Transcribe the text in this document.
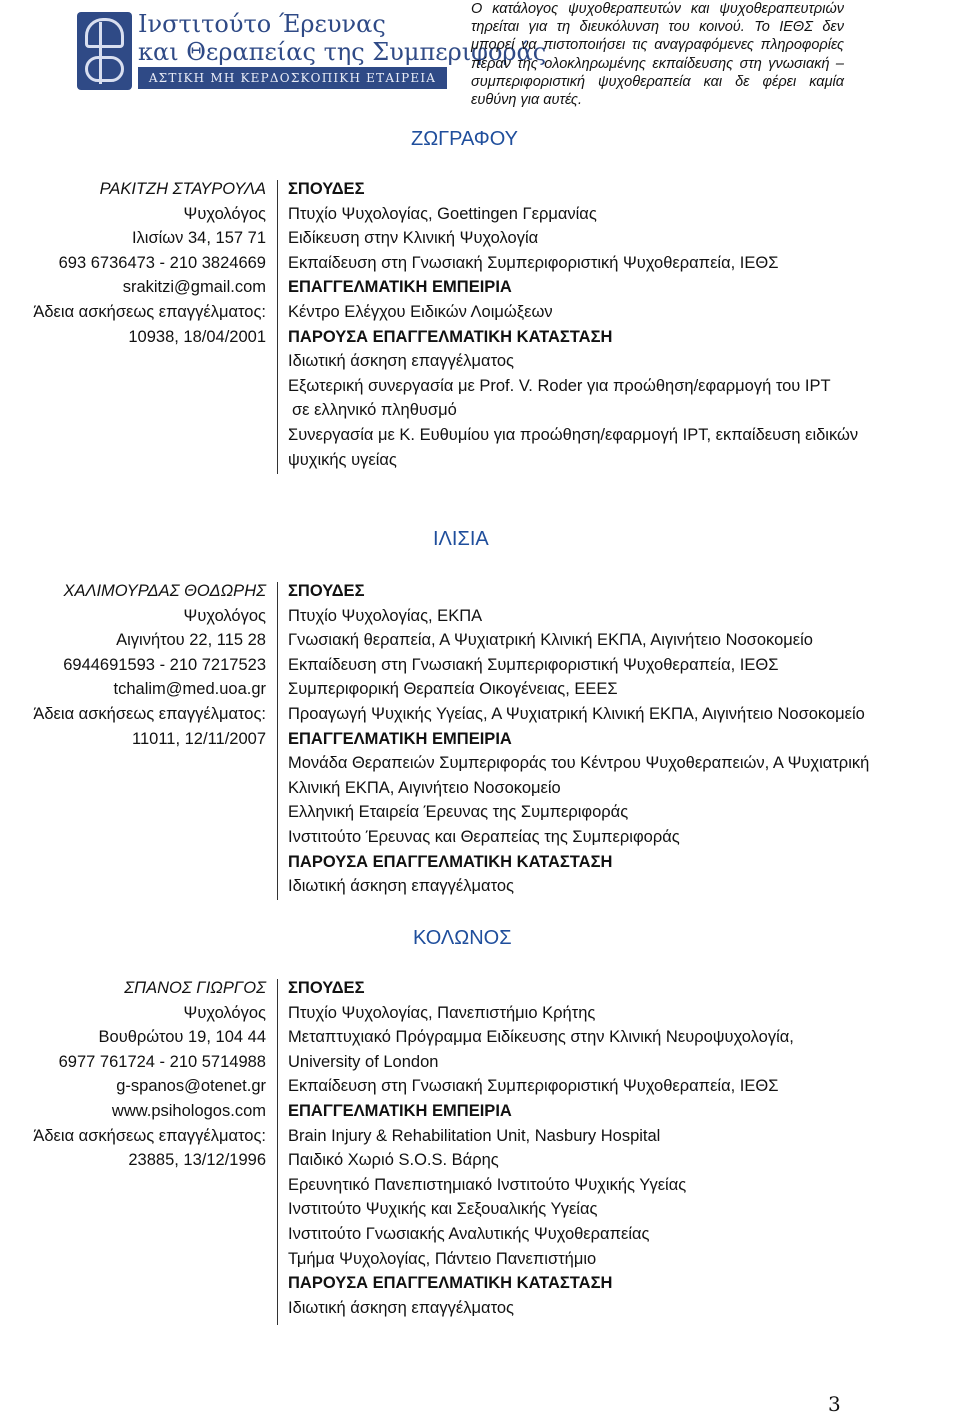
Ινστιτούτο Έρευνας
και Θεραπείας της Συμπεριφοράς
ΑΣΤΙΚΗ ΜΗ ΚΕΡΔΟΣΚΟΠΙΚΗ ΕΤΑΙΡΕΙΑ
Ο κατάλογος ψυχοθεραπευτών και ψυχοθεραπευτριών τηρείται για τη διευκόλυνση του κοινού. Το ΙΕΘΣ δεν μπορεί να πιστοποιήσει τις αναγραφόμενες πληροφορίες πέραν της ολοκληρωμένης εκπαίδευσης στη γνωσιακή – συμπεριφοριστική ψυχοθεραπεία και δε φέρει καμία ευθύνη για αυτές.
ΖΩΓΡΑΦΟΥ
ΡΑΚΙΤΖΗ ΣΤΑΥΡΟΥΛΑ
Ψυχολόγος
Ιλισίων 34, 157 71
693 6736473 - 210 3824669
srakitzi@gmail.com
Άδεια ασκήσεως επαγγέλματος:
10938, 18/04/2001
ΣΠΟΥΔΕΣ
Πτυχίο Ψυχολογίας, Goettingen Γερμανίας
Ειδίκευση στην Κλινική Ψυχολογία
Εκπαίδευση στη Γνωσιακή Συμπεριφοριστική Ψυχοθεραπεία, ΙΕΘΣ
ΕΠΑΓΓΕΛΜΑΤΙΚΗ ΕΜΠΕΙΡΙΑ
Κέντρο Ελέγχου Ειδικών Λοιμώξεων
ΠΑΡΟΥΣΑ ΕΠΑΓΓΕΛΜΑΤΙΚΗ ΚΑΤΑΣΤΑΣΗ
Ιδιωτική άσκηση επαγγέλματος
Εξωτερική συνεργασία με Prof. V. Roder για προώθηση/εφαρμογή του IPT
σε ελληνικό πληθυσμό
Συνεργασία με Κ. Ευθυμίου για προώθηση/εφαρμογή IPT, εκπαίδευση ειδικών
ψυχικής υγείας
ΙΛΙΣΙΑ
ΧΑΛΙΜΟΥΡΔΑΣ ΘΟΔΩΡΗΣ
Ψυχολόγος
Αιγινήτου 22, 115 28
6944691593 - 210 7217523
tchalim@med.uoa.gr
Άδεια ασκήσεως επαγγέλματος:
11011, 12/11/2007
ΣΠΟΥΔΕΣ
Πτυχίο Ψυχολογίας, ΕΚΠΑ
Γνωσιακή θεραπεία, Α Ψυχιατρική Κλινική ΕΚΠΑ, Αιγινήτειο Νοσοκομείο
Εκπαίδευση στη Γνωσιακή Συμπεριφοριστική Ψυχοθεραπεία, ΙΕΘΣ
Συμπεριφορική Θεραπεία Οικογένειας, ΕΕΕΣ
Προαγωγή Ψυχικής Υγείας, Α Ψυχιατρική Κλινική ΕΚΠΑ, Αιγινήτειο Νοσοκομείο
ΕΠΑΓΓΕΛΜΑΤΙΚΗ ΕΜΠΕΙΡΙΑ
Μονάδα Θεραπειών Συμπεριφοράς του Κέντρου Ψυχοθεραπειών, Α Ψυχιατρική
Κλινική ΕΚΠΑ, Αιγινήτειο Νοσοκομείο
Ελληνική Εταιρεία Έρευνας της Συμπεριφοράς
Ινστιτούτο Έρευνας και Θεραπείας της Συμπεριφοράς
ΠΑΡΟΥΣΑ ΕΠΑΓΓΕΛΜΑΤΙΚΗ ΚΑΤΑΣΤΑΣΗ
Ιδιωτική άσκηση επαγγέλματος
ΚΟΛΩΝΟΣ
ΣΠΑΝΟΣ ΓΙΩΡΓΟΣ
Ψυχολόγος
Βουθρώτου 19, 104 44
6977 761724 - 210 5714988
g-spanos@otenet.gr
www.psihologos.com
Άδεια ασκήσεως επαγγέλματος:
23885, 13/12/1996
ΣΠΟΥΔΕΣ
Πτυχίο Ψυχολογίας, Πανεπιστήμιο Κρήτης
Μεταπτυχιακό Πρόγραμμα Ειδίκευσης στην Κλινική Νευροψυχολογία,
University of London
Εκπαίδευση στη Γνωσιακή Συμπεριφοριστική Ψυχοθεραπεία, ΙΕΘΣ
ΕΠΑΓΓΕΛΜΑΤΙΚΗ ΕΜΠΕΙΡΙΑ
Brain Injury & Rehabilitation Unit, Nasbury Hospital
Παιδικό Χωριό S.O.S. Βάρης
Ερευνητικό Πανεπιστημιακό Ινστιτούτο Ψυχικής Υγείας
Ινστιτούτο Ψυχικής και Σεξουαλικής Υγείας
Ινστιτούτο Γνωσιακής Αναλυτικής Ψυχοθεραπείας
Τμήμα Ψυχολογίας, Πάντειο Πανεπιστήμιο
ΠΑΡΟΥΣΑ ΕΠΑΓΓΕΛΜΑΤΙΚΗ ΚΑΤΑΣΤΑΣΗ
Ιδιωτική άσκηση επαγγέλματος
3
